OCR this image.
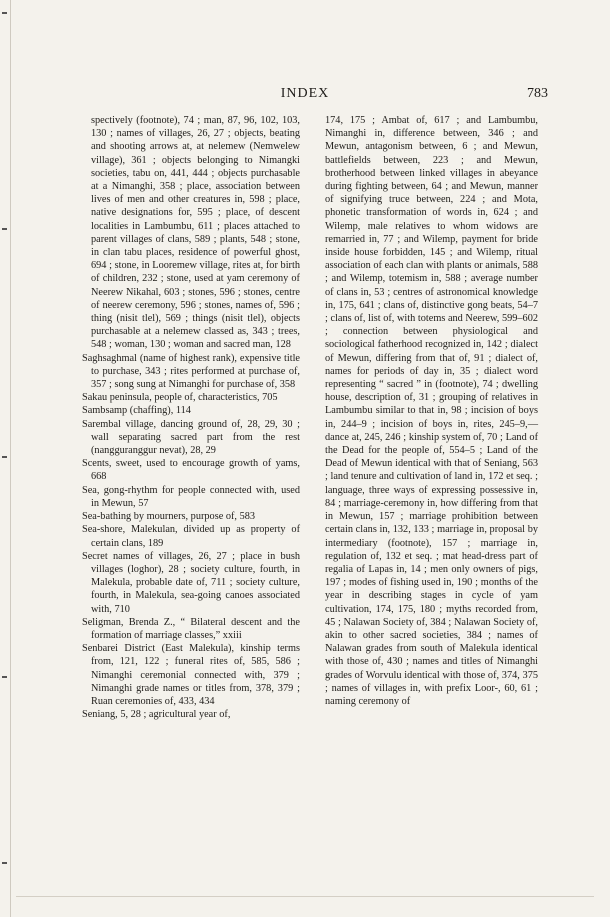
INDEX	783

spectively (footnote), 74 ; man, 87, 96, 102, 103, 130 ; names of villages, 26, 27 ; objects, beating and shooting arrows at, at nelemew (Nemwelew village), 361 ; objects belonging to Nimangki societies, tabu on, 441, 444 ; objects purchasable at a Nimanghi, 358 ; place, association between lives of men and other creatures in, 598 ; place, native designations for, 595 ; place, of descent localities in Lambumbu, 611 ; places attached to parent villages of clans, 589 ; plants, 548 ; stone, in clan tabu places, residence of powerful ghost, 694 ; stone, in Looremew village, rites at, for birth of children, 232 ; stone, used at yam ceremony of Neerew Nikahal, 603 ; stones, 596 ; stones, centre of neerew ceremony, 596 ; stones, names of, 596 ; thing (nisit tlel), 569 ; things (nisit tlel), objects purchasable at a nelemew classed as, 343 ; trees, 548 ; woman, 130 ; woman and sacred man, 128

Saghsaghmal (name of highest rank), expensive title to purchase, 343 ; rites performed at purchase of, 357 ; song sung at Nimanghi for purchase of, 358

Sakau peninsula, people of, characteristics, 705

Sambsamp (chaffing), 114

Sarembal village, dancing ground of, 28, 29, 30 ; wall separating sacred part from the rest (nangguranggur nevat), 28, 29

Scents, sweet, used to encourage growth of yams, 668

Sea, gong-rhythm for people connected with, used in Mewun, 57

Sea-bathing by mourners, purpose of, 583

Sea-shore, Malekulan, divided up as property of certain clans, 189

Secret names of villages, 26, 27 ; place in bush villages (loghor), 28 ; society culture, fourth, in Malekula, probable date of, 711 ; society culture, fourth, in Malekula, sea-going canoes associated with, 710

Seligman, Brenda Z., “ Bilateral descent and the formation of marriage classes,” xxiii

Senbarei District (East Malekula), kinship terms from, 121, 122 ; funeral rites of, 585, 586 ; Nimanghi ceremonial connected with, 379 ; Nimanghi grade names or titles from, 378, 379 ; Ruan ceremonies of, 433, 434

Seniang, 5, 28 ; agricultural year of,

174, 175 ; Ambat of, 617 ; and Lambumbu, Nimanghi in, difference between, 346 ; and Mewun, antagonism between, 6 ; and Mewun, battlefields between, 223 ; and Mewun, brotherhood between linked villages in abeyance during fighting between, 64 ; and Mewun, manner of signifying truce between, 224 ; and Mota, phonetic transformation of words in, 624 ; and Wilemp, male relatives to whom widows are remarried in, 77 ; and Wilemp, payment for bride inside house forbidden, 145 ; and Wilemp, ritual association of each clan with plants or animals, 588 ; and Wilemp, totemism in, 588 ; average number of clans in, 53 ; centres of astronomical knowledge in, 175, 641 ; clans of, distinctive gong beats, 54–7 ; clans of, list of, with totems and Neerew, 599–602 ; connection between physiological and sociological fatherhood recognized in, 142 ; dialect of Mewun, differing from that of, 91 ; dialect of, names for periods of day in, 35 ; dialect word representing “ sacred ” in (footnote), 74 ; dwelling house, description of, 31 ; grouping of relatives in Lambumbu similar to that in, 98 ; incision of boys in, 244–9 ; incision of boys in, rites, 245–9,—dance at, 245, 246 ; kinship system of, 70 ; Land of the Dead for the people of, 554–5 ; Land of the Dead of Mewun identical with that of Seniang, 563 ; land tenure and cultivation of land in, 172 et seq. ; language, three ways of expressing possessive in, 84 ; marriage-ceremony in, how differing from that in Mewun, 157 ; marriage prohibition between certain clans in, 132, 133 ; marriage in, proposal by intermediary (footnote), 157 ; marriage in, regulation of, 132 et seq. ; mat head-dress part of regalia of Lapas in, 14 ; men only owners of pigs, 197 ; modes of fishing used in, 190 ; months of the year in describing stages in cycle of yam cultivation, 174, 175, 180 ; myths recorded from, 45 ; Nalawan Society of, 384 ; Nalawan Society of, akin to other sacred societies, 384 ; names of Nalawan grades from south of Malekula identical with those of, 430 ; names and titles of Nimanghi grades of Worvulu identical with those of, 374, 375 ; names of villages in, with prefix Loor-, 60, 61 ; naming ceremony of
